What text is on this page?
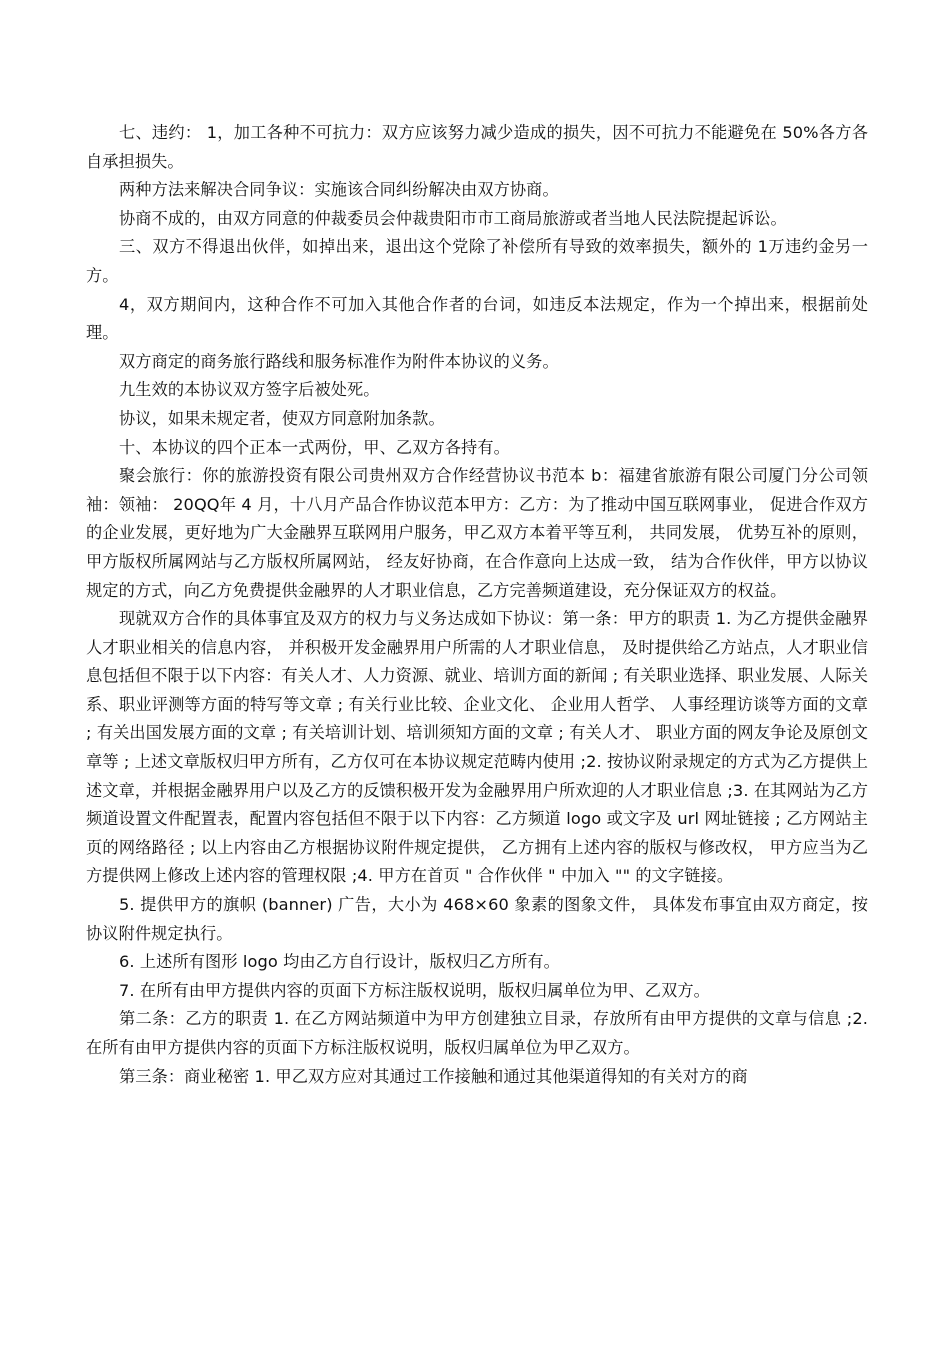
七、违约： 1，加工各种不可抗力：双方应该努力减少造成的损失，因不可抗力不能避免在 50%各方各自承担损失。

两种方法来解决合同争议：实施该合同纠纷解决由双方协商。

协商不成的，由双方同意的仲裁委员会仲裁贵阳市市工商局旅游或者当地人民法院提起诉讼。

三、双方不得退出伙伴，如掉出来，退出这个党除了补偿所有导致的效率损失，额外的 1万违约金另一方。

4，双方期间内，这种合作不可加入其他合作者的台词，如违反本法规定，作为一个掉出来，根据前处理。

双方商定的商务旅行路线和服务标准作为附件本协议的义务。

九生效的本协议双方签字后被处死。

协议，如果未规定者，使双方同意附加条款。

十、本协议的四个正本一式两份，甲、乙双方各持有。

聚会旅行：你的旅游投资有限公司贵州双方合作经营协议书范本 b：福建省旅游有限公司厦门分公司领袖：领袖： 20QQ年 4 月，十八月产品合作协议范本甲方：乙方：为了推动中国互联网事业， 促进合作双方的企业发展，更好地为广大金融界互联网用户服务，甲乙双方本着平等互利， 共同发展， 优势互补的原则， 甲方版权所属网站与乙方版权所属网站， 经友好协商，在合作意向上达成一致， 结为合作伙伴，甲方以协议规定的方式，向乙方免费提供金融界的人才职业信息，乙方完善频道建设，充分保证双方的权益。

现就双方合作的具体事宜及双方的权力与义务达成如下协议：第一条：甲方的职责 1. 为乙方提供金融界人才职业相关的信息内容， 并积极开发金融界用户所需的人才职业信息， 及时提供给乙方站点，人才职业信息包括但不限于以下内容：有关人才、人力资源、就业、培训方面的新闻 ; 有关职业选择、职业发展、人际关系、职业评测等方面的特写等文章 ; 有关行业比较、企业文化、 企业用人哲学、 人事经理访谈等方面的文章 ; 有关出国发展方面的文章 ; 有关培训计划、培训须知方面的文章 ; 有关人才、 职业方面的网友争论及原创文章等 ; 上述文章版权归甲方所有，乙方仅可在本协议规定范畴内使用 ;2. 按协议附录规定的方式为乙方提供上述文章，并根据金融界用户以及乙方的反馈积极开发为金融界用户所欢迎的人才职业信息 ;3. 在其网站为乙方频道设置文件配置表，配置内容包括但不限于以下内容：乙方频道 logo 或文字及 url 网址链接 ; 乙方网站主页的网络路径 ; 以上内容由乙方根据协议附件规定提供， 乙方拥有上述内容的版权与修改权， 甲方应当为乙方提供网上修改上述内容的管理权限 ;4. 甲方在首页 " 合作伙伴 " 中加入 "" 的文字链接。

5. 提供甲方的旗帜 (banner) 广告，大小为 468×60 象素的图象文件， 具体发布事宜由双方商定，按协议附件规定执行。

6. 上述所有图形 logo 均由乙方自行设计，版权归乙方所有。

7. 在所有由甲方提供内容的页面下方标注版权说明，版权归属单位为甲、乙双方。

第二条：乙方的职责 1. 在乙方网站频道中为甲方创建独立目录，存放所有由甲方提供的文章与信息 ;2. 在所有由甲方提供内容的页面下方标注版权说明，版权归属单位为甲乙双方。

第三条：商业秘密 1. 甲乙双方应对其通过工作接触和通过其他渠道得知的有关对方的商
